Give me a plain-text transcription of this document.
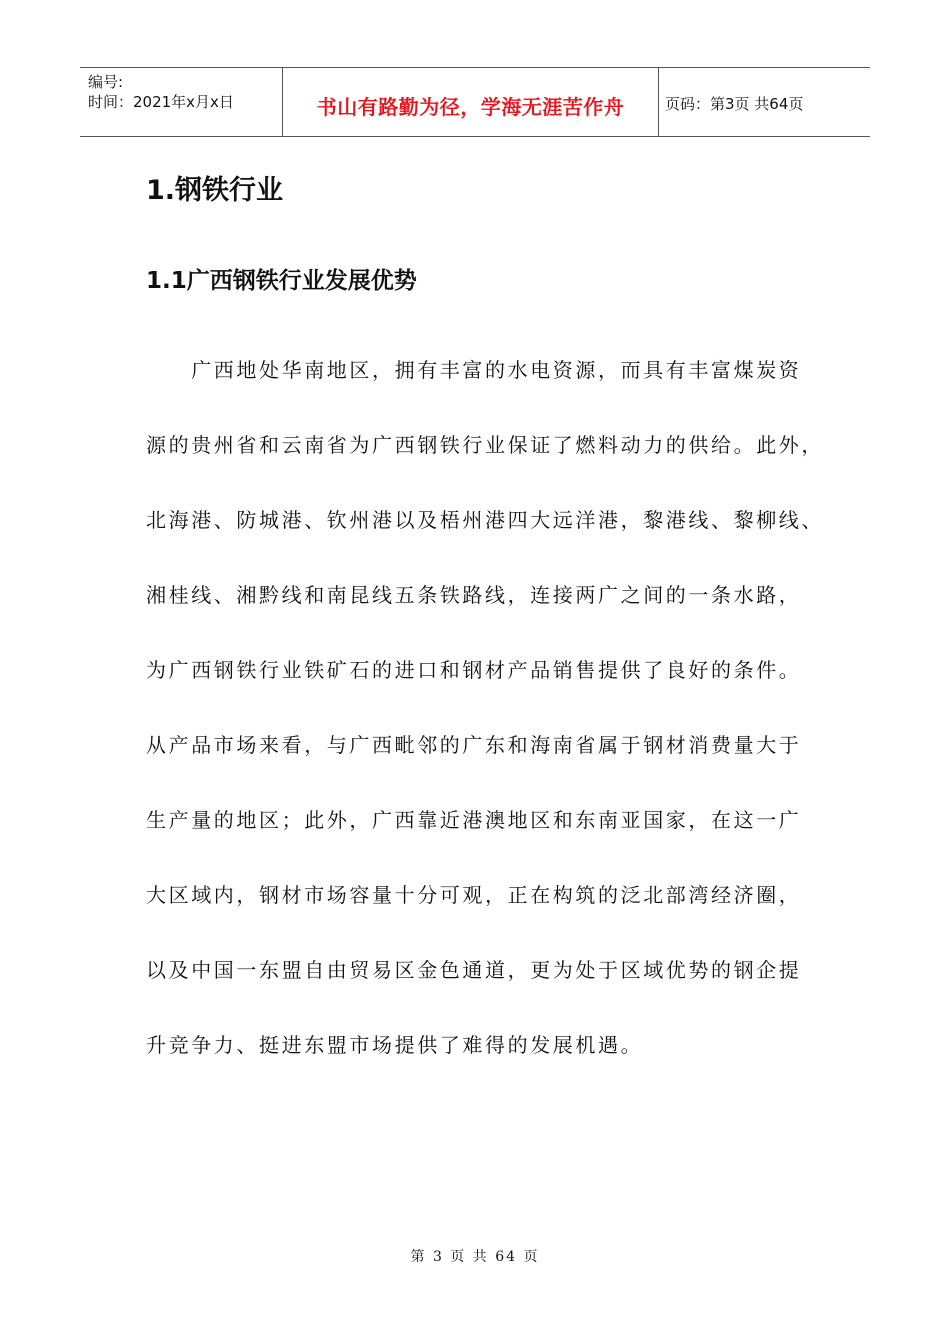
编号:
时间：2021年x月x日	书山有路勤为径，学海无涯苦作舟	页码：第3页 共64页
1.钢铁行业
1.1广西钢铁行业发展优势
　　广西地处华南地区，拥有丰富的水电资源，而具有丰富煤炭资
源的贵州省和云南省为广西钢铁行业保证了燃料动力的供给。此外，
北海港、防城港、钦州港以及梧州港四大远洋港，黎港线、黎柳线、
湘桂线、湘黔线和南昆线五条铁路线，连接两广之间的一条水路，
为广西钢铁行业铁矿石的进口和钢材产品销售提供了良好的条件。
从产品市场来看，与广西毗邻的广东和海南省属于钢材消费量大于
生产量的地区；此外，广西靠近港澳地区和东南亚国家，在这一广
大区域内，钢材市场容量十分可观，正在构筑的泛北部湾经济圈，
以及中国一东盟自由贸易区金色通道，更为处于区域优势的钢企提
升竞争力、挺进东盟市场提供了难得的发展机遇。
第 3 页 共 64 页
